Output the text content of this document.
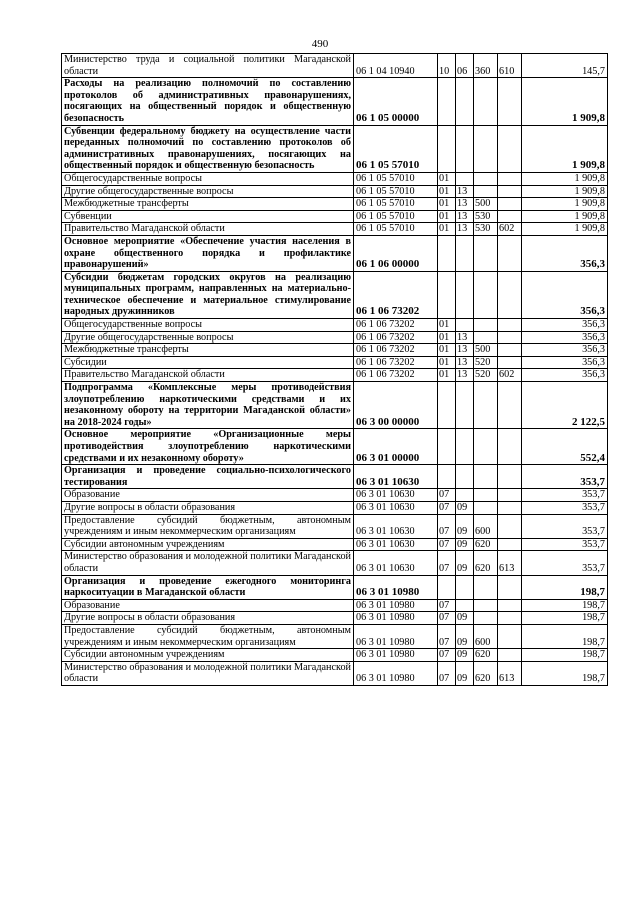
490
Министерство труда и социальной политики Магаданской области	06 1 04 10940	10	06	360	610	145,7
Расходы на реализацию полномочий по составлению протоколов об административных правонарушениях, посягающих на общественный порядок и общественную безопасность	06 1 05 00000					1 909,8
Субвенции федеральному бюджету на осуществление части переданных полномочий по составлению протоколов об административных правонарушениях, посягающих на общественный порядок и общественную безопасность	06 1 05 57010					1 909,8
Общегосударственные вопросы	06 1 05 57010	01				1 909,8
Другие общегосударственные вопросы	06 1 05 57010	01	13			1 909,8
Межбюджетные трансферты	06 1 05 57010	01	13	500		1 909,8
Субвенции	06 1 05 57010	01	13	530		1 909,8
Правительство Магаданской области	06 1 05 57010	01	13	530	602	1 909,8
Основное мероприятие «Обеспечение участия населения в охране общественного порядка и профилактике правонарушений»	06 1 06 00000					356,3
Субсидии бюджетам городских округов на реализацию муниципальных программ, направленных на материально-техническое обеспечение и материальное стимулирование народных дружинников	06 1 06 73202					356,3
Общегосударственные вопросы	06 1 06 73202	01				356,3
Другие общегосударственные вопросы	06 1 06 73202	01	13			356,3
Межбюджетные трансферты	06 1 06 73202	01	13	500		356,3
Субсидии	06 1 06 73202	01	13	520		356,3
Правительство Магаданской области	06 1 06 73202	01	13	520	602	356,3
Подпрограмма «Комплексные меры противодействия злоупотреблению наркотическими средствами и их незаконному обороту на территории Магаданской области» на 2018-2024 годы»	06 3 00 00000					2 122,5
Основное мероприятие «Организационные меры противодействия злоупотреблению наркотическими средствами и их незаконному обороту»	06 3 01 00000					552,4
Организация и проведение социально-психологического тестирования	06 3 01 10630					353,7
Образование	06 3 01 10630	07				353,7
Другие вопросы в области образования	06 3 01 10630	07	09			353,7
Предоставление субсидий бюджетным, автономным учреждениям и иным некоммерческим организациям	06 3 01 10630	07	09	600		353,7
Субсидии автономным учреждениям	06 3 01 10630	07	09	620		353,7
Министерство образования и молодежной политики Магаданской области	06 3 01 10630	07	09	620	613	353,7
Организация и проведение ежегодного мониторинга наркоситуации в Магаданской области	06 3 01 10980					198,7
Образование	06 3 01 10980	07				198,7
Другие вопросы в области образования	06 3 01 10980	07	09			198,7
Предоставление субсидий бюджетным, автономным учреждениям и иным некоммерческим организациям	06 3 01 10980	07	09	600		198,7
Субсидии автономным учреждениям	06 3 01 10980	07	09	620		198,7
Министерство образования и молодежной политики Магаданской области	06 3 01 10980	07	09	620	613	198,7
